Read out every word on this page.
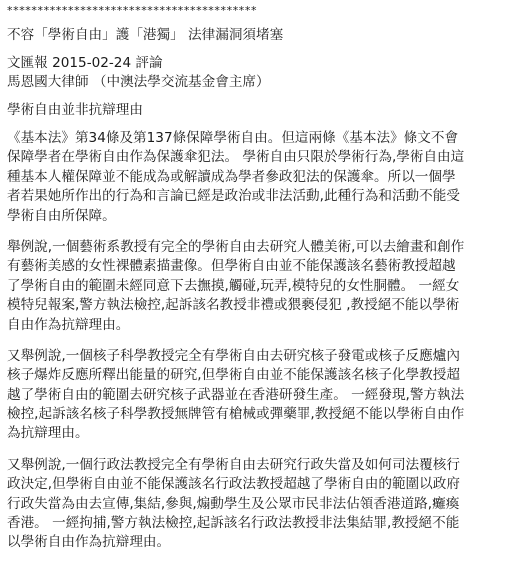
*****************************************
不容「學術自由」護「港獨」 法律漏洞須堵塞
文匯報 2015-02-24 評論
馬恩國大律師 （中澳法學交流基金會主席）
學術自由並非抗辯理由
《基本法》第34條及第137條保障學術自由。但這兩條《基本法》條文不會
保障學者在學術自由作為保護傘犯法。 學術自由只限於學術行為,學術自由這
種基本人權保障並不能成為或解讀成為學者參政犯法的保護傘。所以一個學
者若果她所作出的行為和言論已經是政治或非法活動,此種行為和活動不能受
學術自由所保障。
舉例說,一個藝術系教授有完全的學術自由去研究人體美術,可以去繪畫和創作
有藝術美感的女性裸體素描畫像。但學術自由並不能保護該名藝術教授超越
了學術自由的範圍未經同意下去撫摸,觸碰,玩弄,模特兒的女性胴體。 一經女
模特兒報案,警方執法檢控,起訴該名教授非禮或猥褻侵犯 ,教授絕不能以學術
自由作為抗辯理由。
又舉例說,一個核子科學教授完全有學術自由去研究核子發電或核子反應爐內
核子爆炸反應所釋出能量的研究,但學術自由並不能保護該名核子化學教授超
越了學術自由的範圍去研究核子武器並在香港研發生產。 一經發現,警方執法
檢控,起訴該名核子科學教授無牌管有槍械或彈藥罪,教授絕不能以學術自由作
為抗辯理由。
又舉例說,一個行政法教授完全有學術自由去研究行政失當及如何司法覆核行
政決定,但學術自由並不能保護該名行政法教授超越了學術自由的範圍以政府
行政失當為由去宣傳,集結,參與,煽動學生及公眾市民非法佔領香港道路,癱瘓
香港。 一經拘捕,警方執法檢控,起訴該名行政法教授非法集結罪,教授絕不能
以學術自由作為抗辯理由。
